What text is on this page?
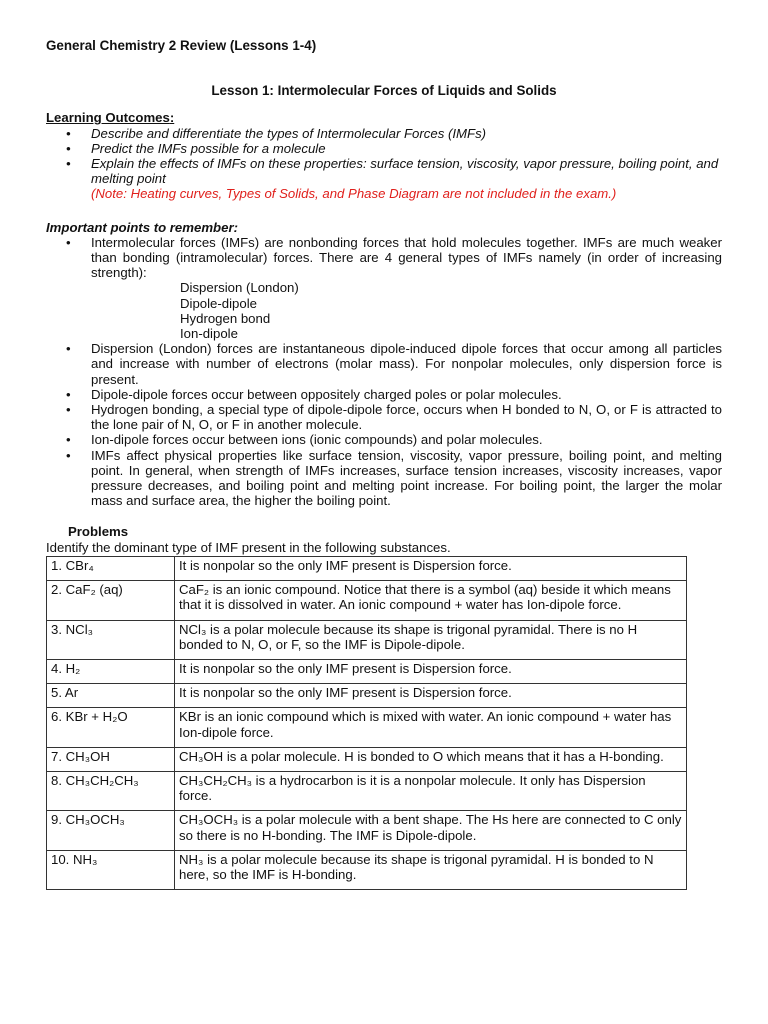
General Chemistry 2 Review (Lessons 1-4)

Lesson 1: Intermolecular Forces of Liquids and Solids

Learning Outcomes:

• Describe and differentiate the types of Intermolecular Forces (IMFs)
• Predict the IMFs possible for a molecule
• Explain the effects of IMFs on these properties: surface tension, viscosity, vapor pressure, boiling point, and melting point
(Note: Heating curves, Types of Solids, and Phase Diagram are not included in the exam.)

Important points to remember:

• Intermolecular forces (IMFs) are nonbonding forces that hold molecules together. IMFs are much weaker than bonding (intramolecular) forces. There are 4 general types of IMFs namely (in order of increasing strength):
Dispersion (London)
Dipole-dipole
Hydrogen bond
Ion-dipole
• Dispersion (London) forces are instantaneous dipole-induced dipole forces that occur among all particles and increase with number of electrons (molar mass). For nonpolar molecules, only dispersion force is present.
• Dipole-dipole forces occur between oppositely charged poles or polar molecules.
• Hydrogen bonding, a special type of dipole-dipole force, occurs when H bonded to N, O, or F is attracted to the lone pair of N, O, or F in another molecule.
• Ion-dipole forces occur between ions (ionic compounds) and polar molecules.
• IMFs affect physical properties like surface tension, viscosity, vapor pressure, boiling point, and melting point. In general, when strength of IMFs increases, surface tension increases, viscosity increases, vapor pressure decreases, and boiling point and melting point increase. For boiling point, the larger the molar mass and surface area, the higher the boiling point.

Problems

Identify the dominant type of IMF present in the following substances.

1. CBr₄	It is nonpolar so the only IMF present is Dispersion force.
2. CaF₂ (aq)	CaF₂ is an ionic compound. Notice that there is a symbol (aq) beside it which means that it is dissolved in water. An ionic compound + water has Ion-dipole force.
3. NCl₃	NCl₃ is a polar molecule because its shape is trigonal pyramidal. There is no H bonded to N, O, or F, so the IMF is Dipole-dipole.
4. H₂	It is nonpolar so the only IMF present is Dispersion force.
5. Ar	It is nonpolar so the only IMF present is Dispersion force.
6. KBr + H₂O	KBr is an ionic compound which is mixed with water. An ionic compound + water has Ion-dipole force.
7. CH₃OH	CH₃OH is a polar molecule. H is bonded to O which means that it has a H-bonding.
8. CH₃CH₂CH₃	CH₃CH₂CH₃ is a hydrocarbon is it is a nonpolar molecule. It only has Dispersion force.
9. CH₃OCH₃	CH₃OCH₃ is a polar molecule with a bent shape. The Hs here are connected to C only so there is no H-bonding. The IMF is Dipole-dipole.
10. NH₃	NH₃ is a polar molecule because its shape is trigonal pyramidal. H is bonded to N here, so the IMF is H-bonding.
